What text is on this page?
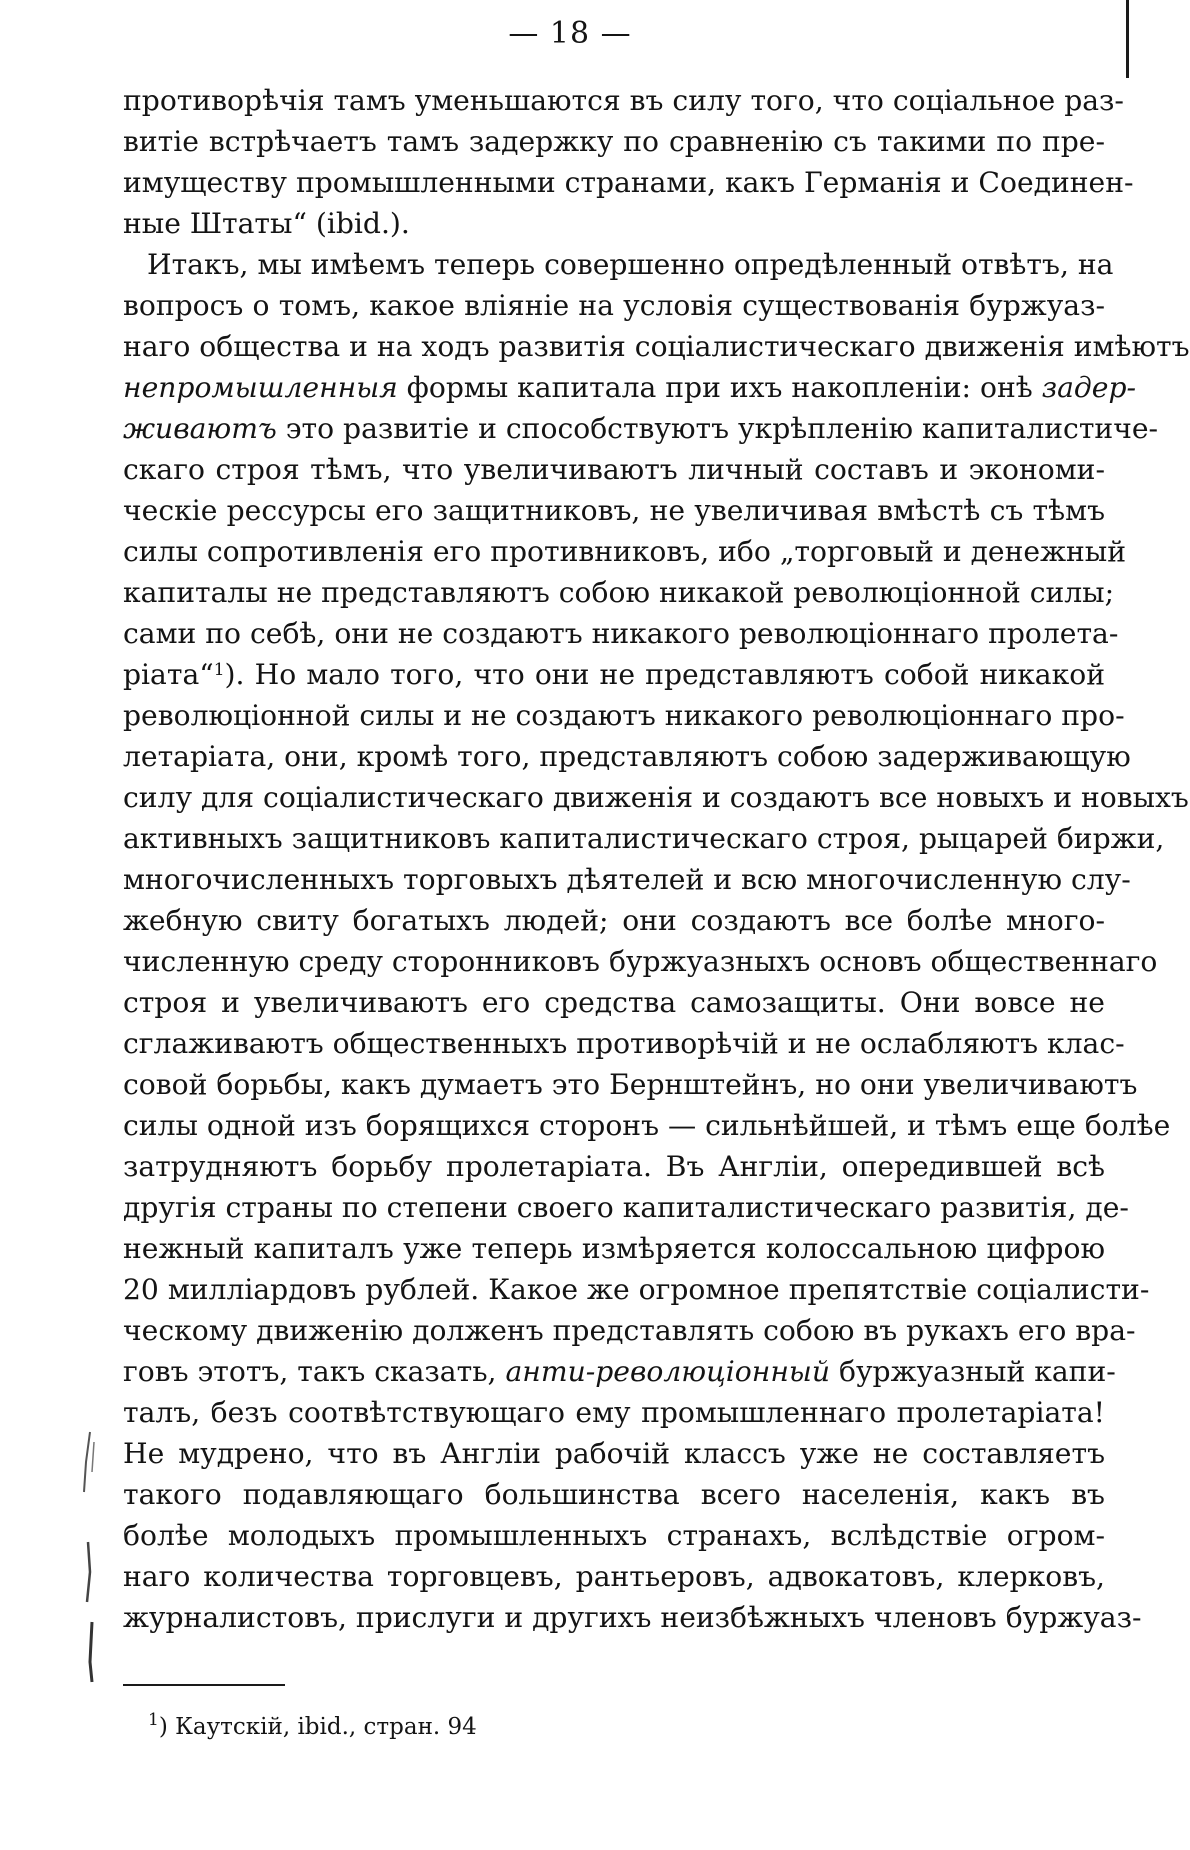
— 18 —
противорѣчія тамъ уменьшаются въ силу того, что соціальное раз-
витіе встрѣчаетъ тамъ задержку по сравненію съ такими по пре-
имуществу промышленными странами, какъ Германія и Соединен-
ные Штаты“ (ibid.).
Итакъ, мы имѣемъ теперь совершенно опредѣленный отвѣтъ, на
вопросъ о томъ, какое вліяніе на условія существованія буржуаз-
наго общества и на ходъ развитія соціалистическаго движенія имѣютъ
непромышленныя формы капитала при ихъ накопленіи: онѣ задер-
живаютъ это развитіе и способствуютъ укрѣпленію капиталистиче-
скаго строя тѣмъ, что увеличиваютъ личный составъ и экономи-
ческіе рессурсы его защитниковъ, не увеличивая вмѣстѣ съ тѣмъ
силы сопротивленія его противниковъ, ибо „торговый и денежный
капиталы не представляютъ собою никакой революціонной силы;
сами по себѣ, они не создаютъ никакого революціоннаго пролета-
ріата“$^1$). Но мало того, что они не представляютъ собой никакой
революціонной силы и не создаютъ никакого революціоннаго про-
летаріата, они, кромѣ того, представляютъ собою задерживающую
силу для соціалистическаго движенія и создаютъ все новыхъ и новыхъ
активныхъ защитниковъ капиталистическаго строя, рыцарей биржи,
многочисленныхъ торговыхъ дѣятелей и всю многочисленную слу-
жебную свиту богатыхъ людей; они создаютъ все болѣе много-
численную среду сторонниковъ буржуазныхъ основъ общественнаго
строя и увеличиваютъ его средства самозащиты. Они вовсе не
сглаживаютъ общественныхъ противорѣчій и не ослабляютъ клас-
совой борьбы, какъ думаетъ это Бернштейнъ, но они увеличиваютъ
силы одной изъ борящихся сторонъ — сильнѣйшей, и тѣмъ еще болѣе
затрудняютъ борьбу пролетаріата. Въ Англіи, опередившей всѣ
другія страны по степени своего капиталистическаго развитія, де-
нежный капиталъ уже теперь измѣряется колоссальною цифрою
20 милліардовъ рублей. Какое же огромное препятствіе соціалисти-
ческому движенію долженъ представлять собою въ рукахъ его вра-
говъ этотъ, такъ сказать, анти-революціонный буржуазный капи-
талъ, безъ соотвѣтствующаго ему промышленнаго пролетаріата!
Не мудрено, что въ Англіи рабочій классъ уже не составляетъ
такого подавляющаго большинства всего населенія, какъ въ
болѣе молодыхъ промышленныхъ странахъ, вслѣдствіе огром-
наго количества торговцевъ, рантьеровъ, адвокатовъ, клерковъ,
журналистовъ, прислуги и другихъ неизбѣжныхъ членовъ буржуаз-
$^1$) Каутскій, ibid., стран. 94
